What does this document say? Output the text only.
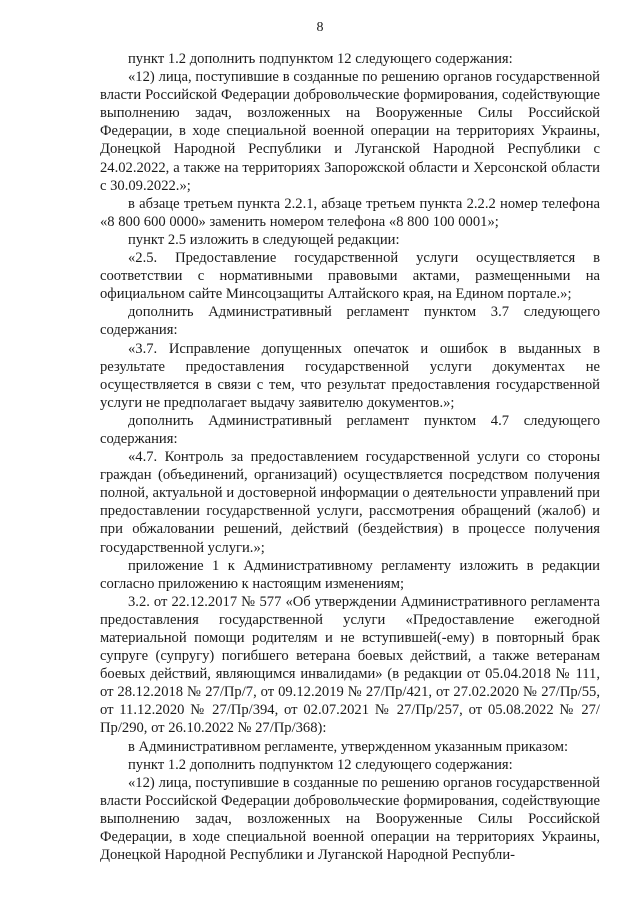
8

пункт 1.2 дополнить подпунктом 12 следующего содержания:

«12) лица, поступившие в созданные по решению органов государственной власти Российской Федерации добровольческие формирования, содействующие выполнению задач, возложенных на Вооруженные Силы Российской Федерации, в ходе специальной военной операции на территориях Украины, Донецкой Народной Республики и Луганской Народной Республики с 24.02.2022, а также на территориях Запорожской области и Херсонской области с 30.09.2022.»;

в абзаце третьем пункта 2.2.1, абзаце третьем пункта 2.2.2 номер телефона «8 800 600 0000» заменить номером телефона «8 800 100 0001»;

пункт 2.5 изложить в следующей редакции:

«2.5. Предоставление государственной услуги осуществляется в соответствии с нормативными правовыми актами, размещенными на официальном сайте Минсоцзащиты Алтайского края, на Едином портале.»;

дополнить Административный регламент пунктом 3.7 следующего содержания:

«3.7. Исправление допущенных опечаток и ошибок в выданных в результате предоставления государственной услуги документах не осуществляется в связи с тем, что результат предоставления государственной услуги не предполагает выдачу заявителю документов.»;

дополнить Административный регламент пунктом 4.7 следующего содержания:

«4.7. Контроль за предоставлением государственной услуги со стороны граждан (объединений, организаций) осуществляется посредством получения полной, актуальной и достоверной информации о деятельности управлений при предоставлении государственной услуги, рассмотрения обращений (жалоб) и при обжаловании решений, действий (бездействия) в процессе получения государственной услуги.»;

приложение 1 к Административному регламенту изложить в редакции согласно приложению к настоящим изменениям;

3.2. от 22.12.2017 № 577 «Об утверждении Административного регламента предоставления государственной услуги «Предоставление ежегодной материальной помощи родителям и не вступившей(-ему) в повторный брак супруге (супругу) погибшего ветерана боевых действий, а также ветеранам боевых действий, являющимся инвалидами» (в редакции от 05.04.2018 № 111, от 28.12.2018 № 27/Пр/7, от 09.12.2019 № 27/Пр/421, от 27.02.2020 № 27/Пр/55, от 11.12.2020 № 27/Пр/394, от 02.07.2021 № 27/Пр/257, от 05.08.2022 № 27/Пр/290, от 26.10.2022 № 27/Пр/368):

в Административном регламенте, утвержденном указанным приказом:

пункт 1.2 дополнить подпунктом 12 следующего содержания:

«12) лица, поступившие в созданные по решению органов государственной власти Российской Федерации добровольческие формирования, содействующие выполнению задач, возложенных на Вооруженные Силы Российской Федерации, в ходе специальной военной операции на территориях Украины, Донецкой Народной Республики и Луганской Народной Республи-
